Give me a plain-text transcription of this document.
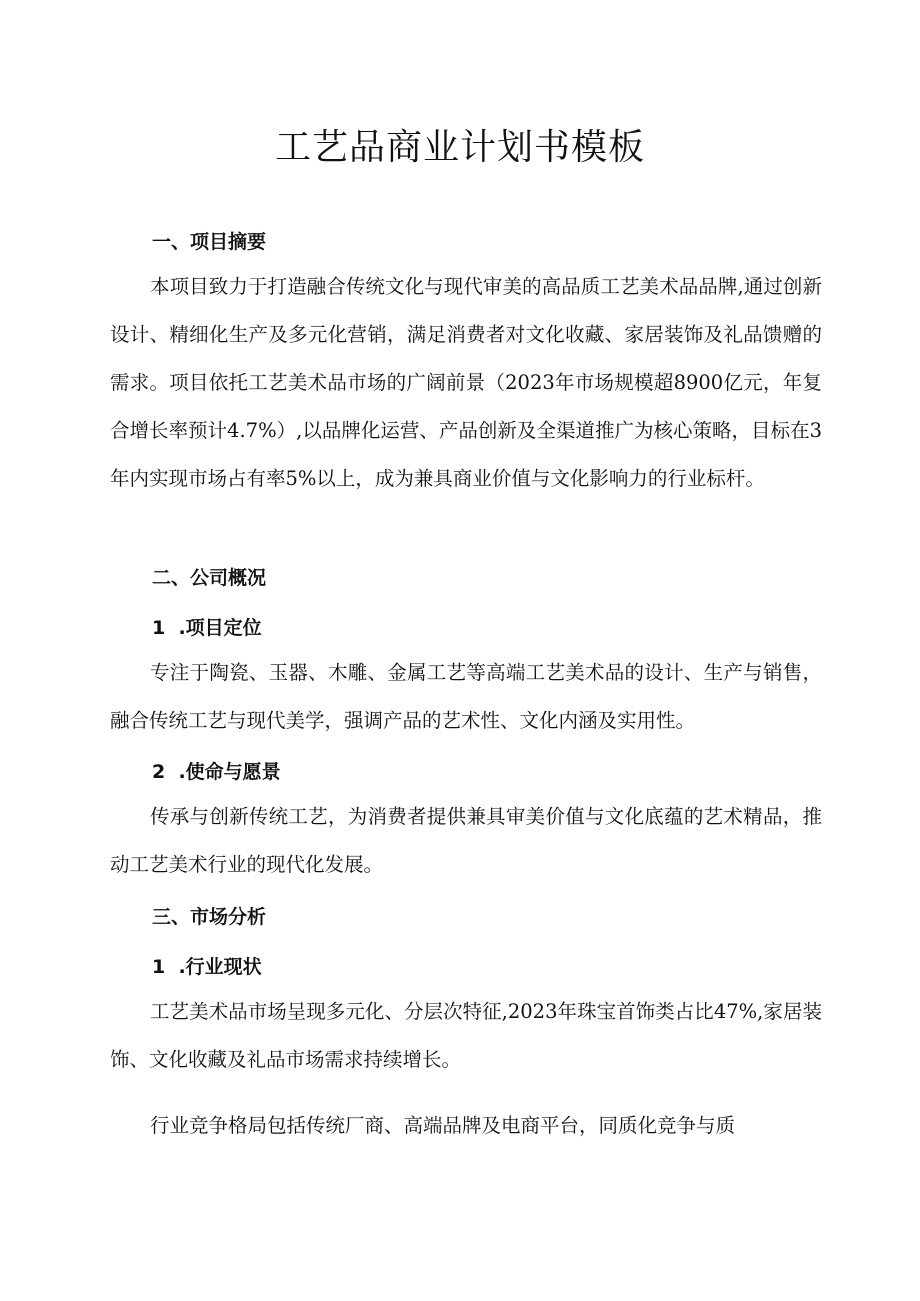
工艺品商业计划书模板
一、项目摘要
本项目致力于打造融合传统文化与现代审美的高品质工艺美术品品牌,通过创新设计、精细化生产及多元化营销，满足消费者对文化收藏、家居装饰及礼品馈赠的需求。项目依托工艺美术品市场的广阔前景（2023年市场规模超8900亿元，年复合增长率预计4.7%）,以品牌化运营、产品创新及全渠道推广为核心策略，目标在3年内实现市场占有率5%以上，成为兼具商业价值与文化影响力的行业标杆。
二、公司概况
1  .项目定位
专注于陶瓷、玉器、木雕、金属工艺等高端工艺美术品的设计、生产与销售，融合传统工艺与现代美学，强调产品的艺术性、文化内涵及实用性。
2  .使命与愿景
传承与创新传统工艺，为消费者提供兼具审美价值与文化底蕴的艺术精品，推动工艺美术行业的现代化发展。
三、市场分析
1  .行业现状
工艺美术品市场呈现多元化、分层次特征,2023年珠宝首饰类占比47%,家居装饰、文化收藏及礼品市场需求持续增长。
行业竞争格局包括传统厂商、高端品牌及电商平台，同质化竞争与质
